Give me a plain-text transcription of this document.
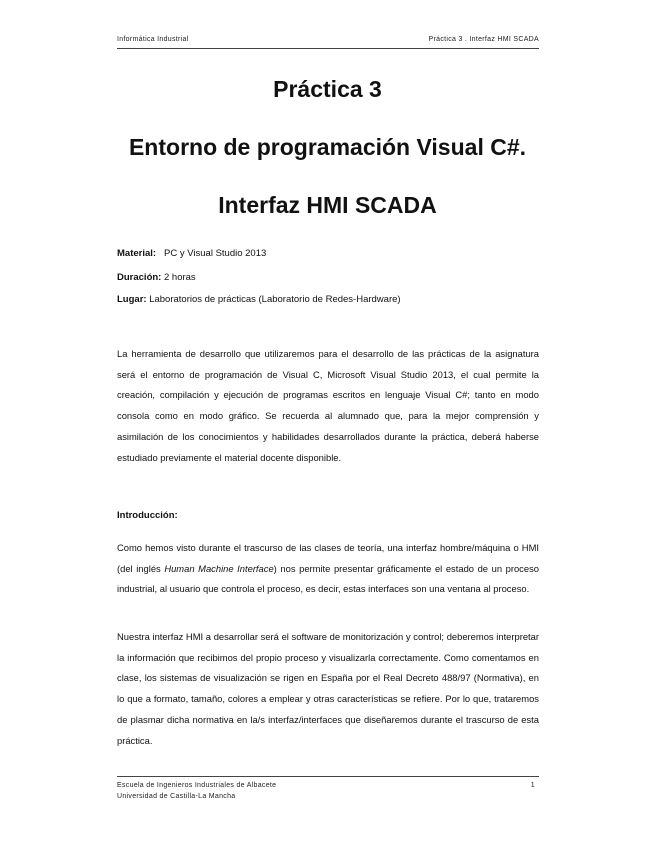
Informática Industrial	Práctica 3 . Interfaz HMI SCADA
Práctica 3
Entorno de programación Visual C#.
Interfaz HMI SCADA
Material: PC y Visual Studio 2013
Duración: 2 horas
Lugar: Laboratorios de prácticas (Laboratorio de Redes-Hardware)
La herramienta de desarrollo que utilizaremos para el desarrollo de las prácticas de la asignatura será el entorno de programación de Visual C, Microsoft Visual Studio 2013, el cual permite la creación, compilación y ejecución de programas escritos en lenguaje Visual C#; tanto en modo consola como en modo gráfico. Se recuerda al alumnado que, para la mejor comprensión y asimilación de los conocimientos y habilidades desarrollados durante la práctica, deberá haberse estudiado previamente el material docente disponible.
Introducción:
Como hemos visto durante el trascurso de las clases de teoría, una interfaz hombre/máquina o HMI (del inglés Human Machine Interface) nos permite presentar gráficamente el estado de un proceso industrial, al usuario que controla el proceso, es decir, estas interfaces son una ventana al proceso.
Nuestra interfaz HMI a desarrollar será el software de monitorización y control; deberemos interpretar la información que recibimos del propio proceso y visualizarla correctamente. Como comentamos en clase, los sistemas de visualización se rigen en España por el Real Decreto 488/97 (Normativa), en lo que a formato, tamaño, colores a emplear y otras características se refiere. Por lo que, trataremos de plasmar dicha normativa en la/s interfaz/interfaces que diseñaremos durante el trascurso de esta práctica.
Escuela de Ingenieros Industriales de Albacete
Universidad de Castilla-La Mancha
1
